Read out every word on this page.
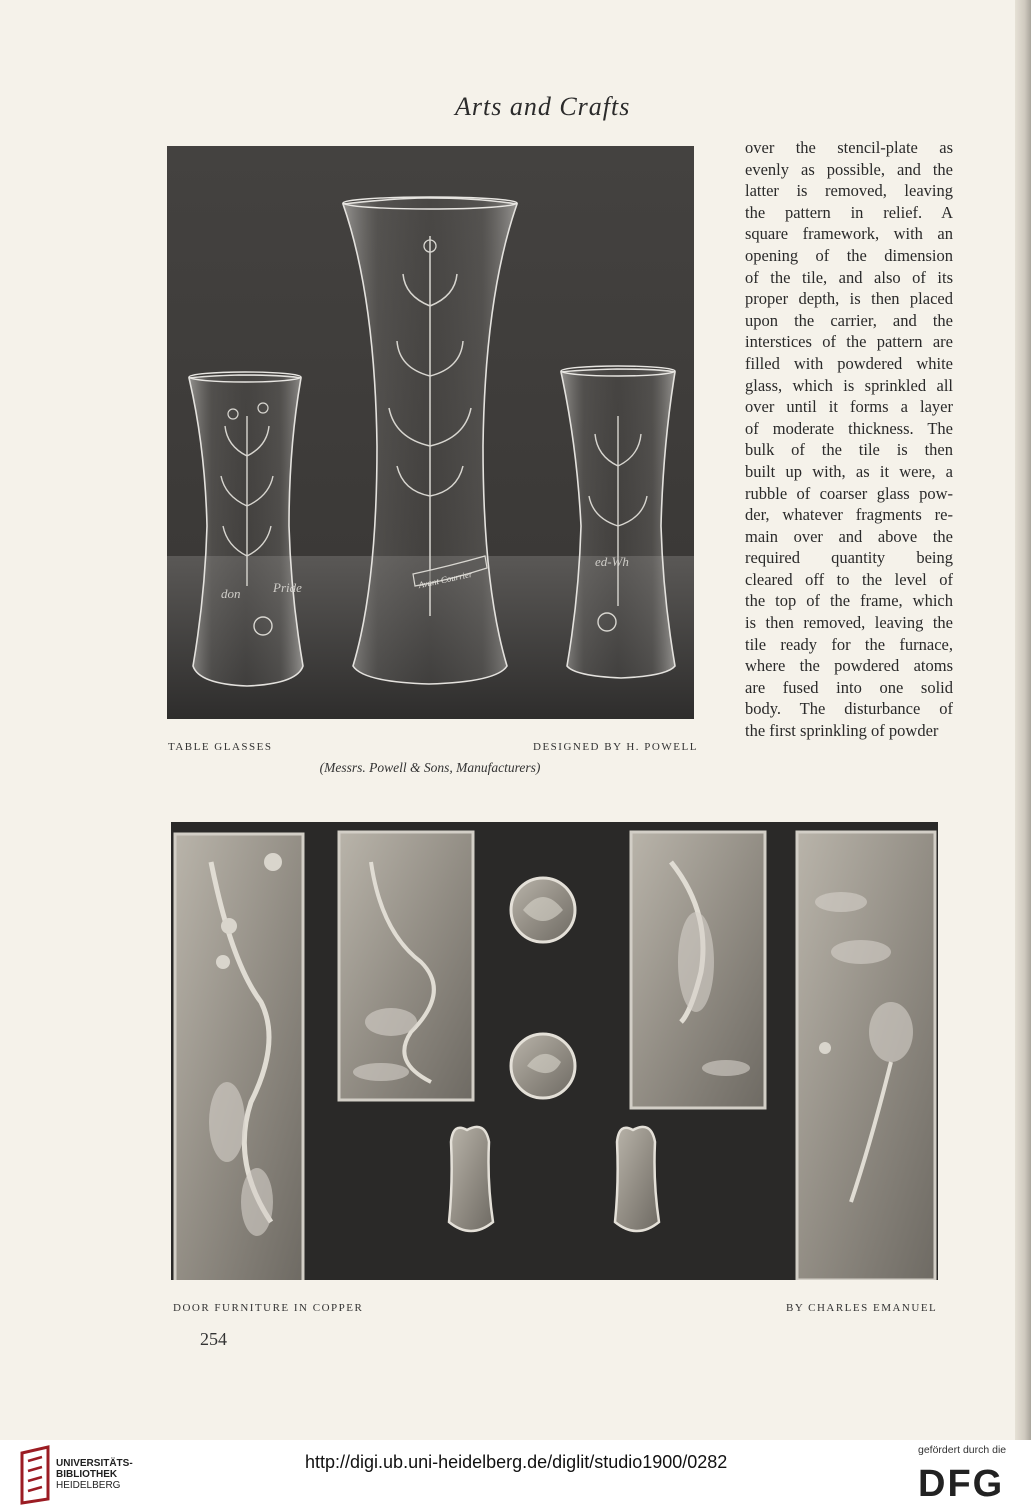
Arts and Crafts
don	Pride	Avant Courrier
ed-Wh

over the stencil-plate as
evenly as possible, and the
latter is removed, leaving
the pattern in relief. A
square framework, with an
opening of the dimension
of the tile, and also of its
proper depth, is then placed
upon the carrier, and the
interstices of the pattern are
filled with powdered white
glass, which is sprinkled all
over until it forms a layer
of moderate thickness. The
bulk of the tile is then
built up with, as it were, a
rubble of coarser glass pow-
der, whatever fragments re-
main over and above the
required quantity being
cleared off to the level of
the top of the frame, which
is then removed, leaving the
tile ready for the furnace,
where the powdered atoms
are fused into one solid
body. The disturbance of
the first sprinkling of powder

TABLE GLASSES	DESIGNED BY H. POWELL
(Messrs. Powell & Sons, Manufacturers)
DOOR FURNITURE IN COPPER	BY CHARLES EMANUEL
254
UNIVERSITÄTS-
BIBLIOTHEK
HEIDELBERG
http://digi.ub.uni-heidelberg.de/diglit/studio1900/0282
gefördert durch die
DFG
